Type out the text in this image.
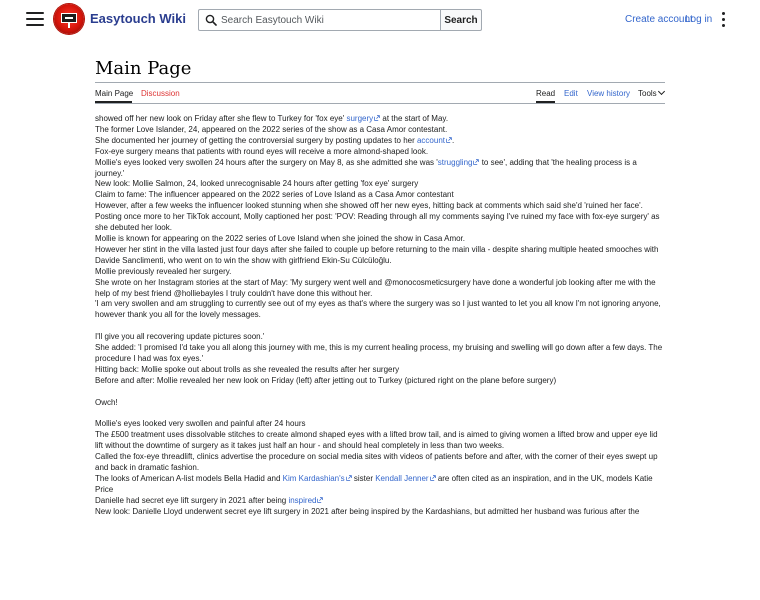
Easytouch Wiki
Search Easytouch Wiki	Search	Create account
Log in
Main Page
Main Page Discussion	Read Edit View history Tools

showed off her new look on Friday after she flew to Turkey for 'fox eye' surgery at the start of May.

The former Love Islander, 24, appeared on the 2022 series of the show as a Casa Amor contestant.

She documented her journey of getting the controversial surgery by posting updates to her account .

Fox-eye surgery means that patients with round eyes will receive a more almond-shaped look.

Mollie's eyes looked very swollen 24 hours after the surgery on May 8, as she admitted she was 'struggling to see', adding that 'the healing process is a journey.'

New look: Mollie Salmon, 24, looked unrecognisable 24 hours after getting 'fox eye' surgery

Claim to fame: The influencer appeared on the 2022 series of Love Island as a Casa Amor contestant

However, after a few weeks the influencer looked stunning when she showed off her new eyes, hitting back at comments which said she'd 'ruined her face'.

Posting once more to her TikTok account, Molly captioned her post: 'POV: Reading through all my comments saying I've ruined my face with fox-eye surgery' as she debuted her look.

Mollie is known for appearing on the 2022 series of Love Island when she joined the show in Casa Amor.

However her stint in the villa lasted just four days after she failed to couple up before returning to the main villa - despite sharing multiple heated smooches with Davide Sanclimenti, who went on to win the show with girlfriend Ekin-Su Cülcüloğlu.

Mollie previously revealed her surgery.

She wrote on her Instagram stories at the start of May: 'My surgery went well and @monocosmeticsurgery have done a wonderful job looking after me with the help of my best friend @holliebayles I truly couldn't have done this without her.

'I am very swollen and am struggling to currently see out of my eyes as that's where the surgery was so I just wanted to let you all know I'm not ignoring anyone, however thank you all for the lovely messages.

I'll give you all recovering update pictures soon.'

She added: 'I promised I'd take you all along this journey with me, this is my current healing process, my bruising and swelling will go down after a few days. The procedure I had was fox eyes.'

Hitting back: Mollie spoke out about trolls as she revealed the results after her surgery

Before and after: Mollie revealed her new look on Friday (left) after jetting out to Turkey (pictured right on the plane before surgery)

Owch!

Mollie's eyes looked very swollen and painful after 24 hours

The £500 treatment uses dissolvable stitches to create almond shaped eyes with a lifted brow tail, and is aimed to giving women a lifted brow and upper eye lid lift without the downtime of surgery as it takes just half an hour - and should heal completely in less than two weeks.

Called the fox-eye threadlift, clinics advertise the procedure on social media sites with videos of patients before and after, with the corner of their eyes swept up and back in dramatic fashion.

The looks of American A-list models Bella Hadid and Kim Kardashian's sister Kendall Jenner are often cited as an inspiration, and in the UK, models Katie Price

Danielle had secret eye lift surgery in 2021 after being inspired

New look: Danielle Lloyd underwent secret eye lift surgery in 2021 after being inspired by the Kardashians, but admitted her husband was furious after the
